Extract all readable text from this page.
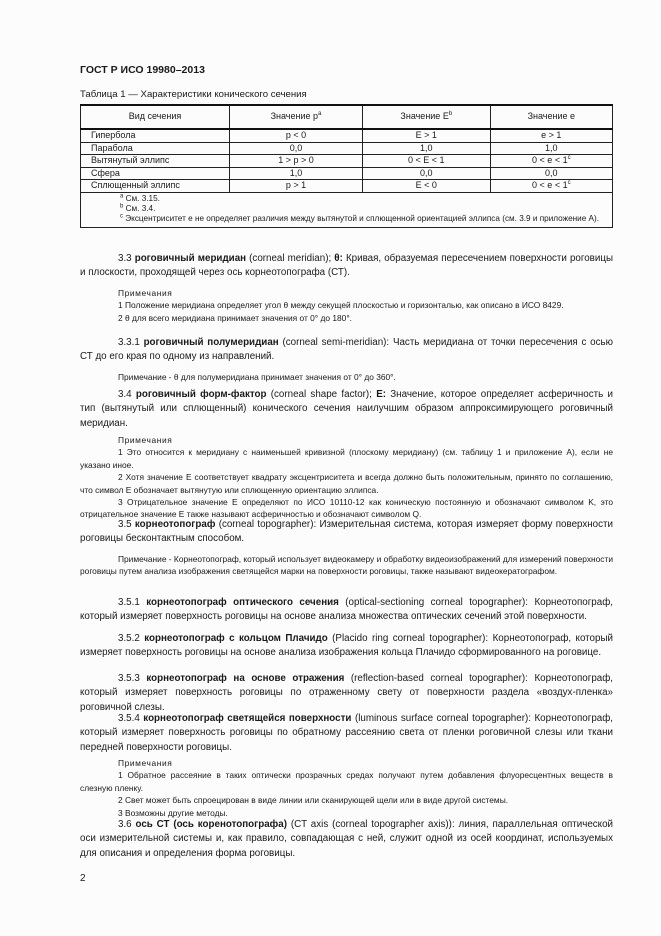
ГОСТ Р ИСО 19980–2013
Таблица 1 — Характеристики конического сечения
Вид сечения	Значение $p^a$	Значение $E^b$	Значение e
Гипербола	p < 0	E > 1	e > 1
Парабола	0,0	1,0	1,0
Вытянутый эллипс	1 > p > 0	0 < E < 1	$0 < e < 1^c$
Сфера	1,0	0,0	0,0
Сплющенный эллипс	p > 1	E < 0	$0 < e < 1^c$

$^a$ См. 3.15.
$^b$ См. 3.4.
$^c$ Эксцентриситет e не определяет различия между вытянутой и сплющенной ориентацией эллипса (см. 3.9 и приложение А).			
3.3 роговичный меридиан (corneal meridian); θ: Кривая, образуемая пересечением поверхности роговицы и плоскости, проходящей через ось корнеотопографа (СТ).
Примечания
1 Положение меридиана определяет угол θ между секущей плоскостью и горизонталью, как описано в ИСО 8429.
2 θ для всего меридиана принимает значения от 0° до 180°.
3.3.1 роговичный полумеридиан (corneal semi-meridian): Часть меридиана от точки пересечения с осью СТ до его края по одному из направлений.
Примечание - θ для полумеридиана принимает значения от 0° до 360°.
3.4 роговичный форм-фактор (corneal shape factor); E: Значение, которое определяет асферичность и тип (вытянутый или сплющенный) конического сечения наилучшим образом аппроксимирующего роговичный меридиан.
Примечания
1 Это относится к меридиану с наименьшей кривизной (плоскому меридиану) (см. таблицу 1 и приложение А), если не указано иное.
2 Хотя значение E соответствует квадрату эксцентриситета и всегда должно быть положительным, принято по соглашению, что символ E обозначает вытянутую или сплющенную ориентацию эллипса.
3 Отрицательное значение E определяют по ИСО 10110-12 как коническую постоянную и обозначают символом K, это отрицательное значение E также называют асферичностью и обозначают символом Q.
3.5 корнеотопограф (corneal topographer): Измерительная система, которая измеряет форму поверхности роговицы бесконтактным способом.
Примечание - Корнеотопограф, который использует видеокамеру и обработку видеоизображений для измерений поверхности роговицы путем анализа изображения светящейся марки на поверхности роговицы, также называют видеокератографом.
3.5.1 корнеотопограф оптического сечения (optical-sectioning corneal topographer): Корнеотопограф, который измеряет поверхность роговицы на основе анализа множества оптических сечений этой поверхности.
3.5.2 корнеотопограф с кольцом Плачидо (Placido ring corneal topographer): Корнеотопограф, который измеряет поверхность роговицы на основе анализа изображения кольца Плачидо сформированного на роговице.
3.5.3 корнеотопограф на основе отражения (reflection-based corneal topographer): Корнеотопограф, который измеряет поверхность роговицы по отраженному свету от поверхности раздела «воздух-пленка» роговичной слезы.
3.5.4 корнеотопограф светящейся поверхности (luminous surface corneal topographer): Корнеотопограф, который измеряет поверхность роговицы по обратному рассеянию света от пленки роговичной слезы или ткани передней поверхности роговицы.
Примечания
1 Обратное рассеяние в таких оптически прозрачных средах получают путем добавления флуоресцентных веществ в слезную пленку.
2 Свет может быть спроецирован в виде линии или сканирующей щели или в виде другой системы.
3 Возможны другие методы.
3.6 ось СТ (ось коренотопографа) (CT axis (corneal topographer axis)): линия, параллельная оптической оси измерительной системы и, как правило, совпадающая с ней, служит одной из осей координат, используемых для описания и определения форма роговицы.
2
